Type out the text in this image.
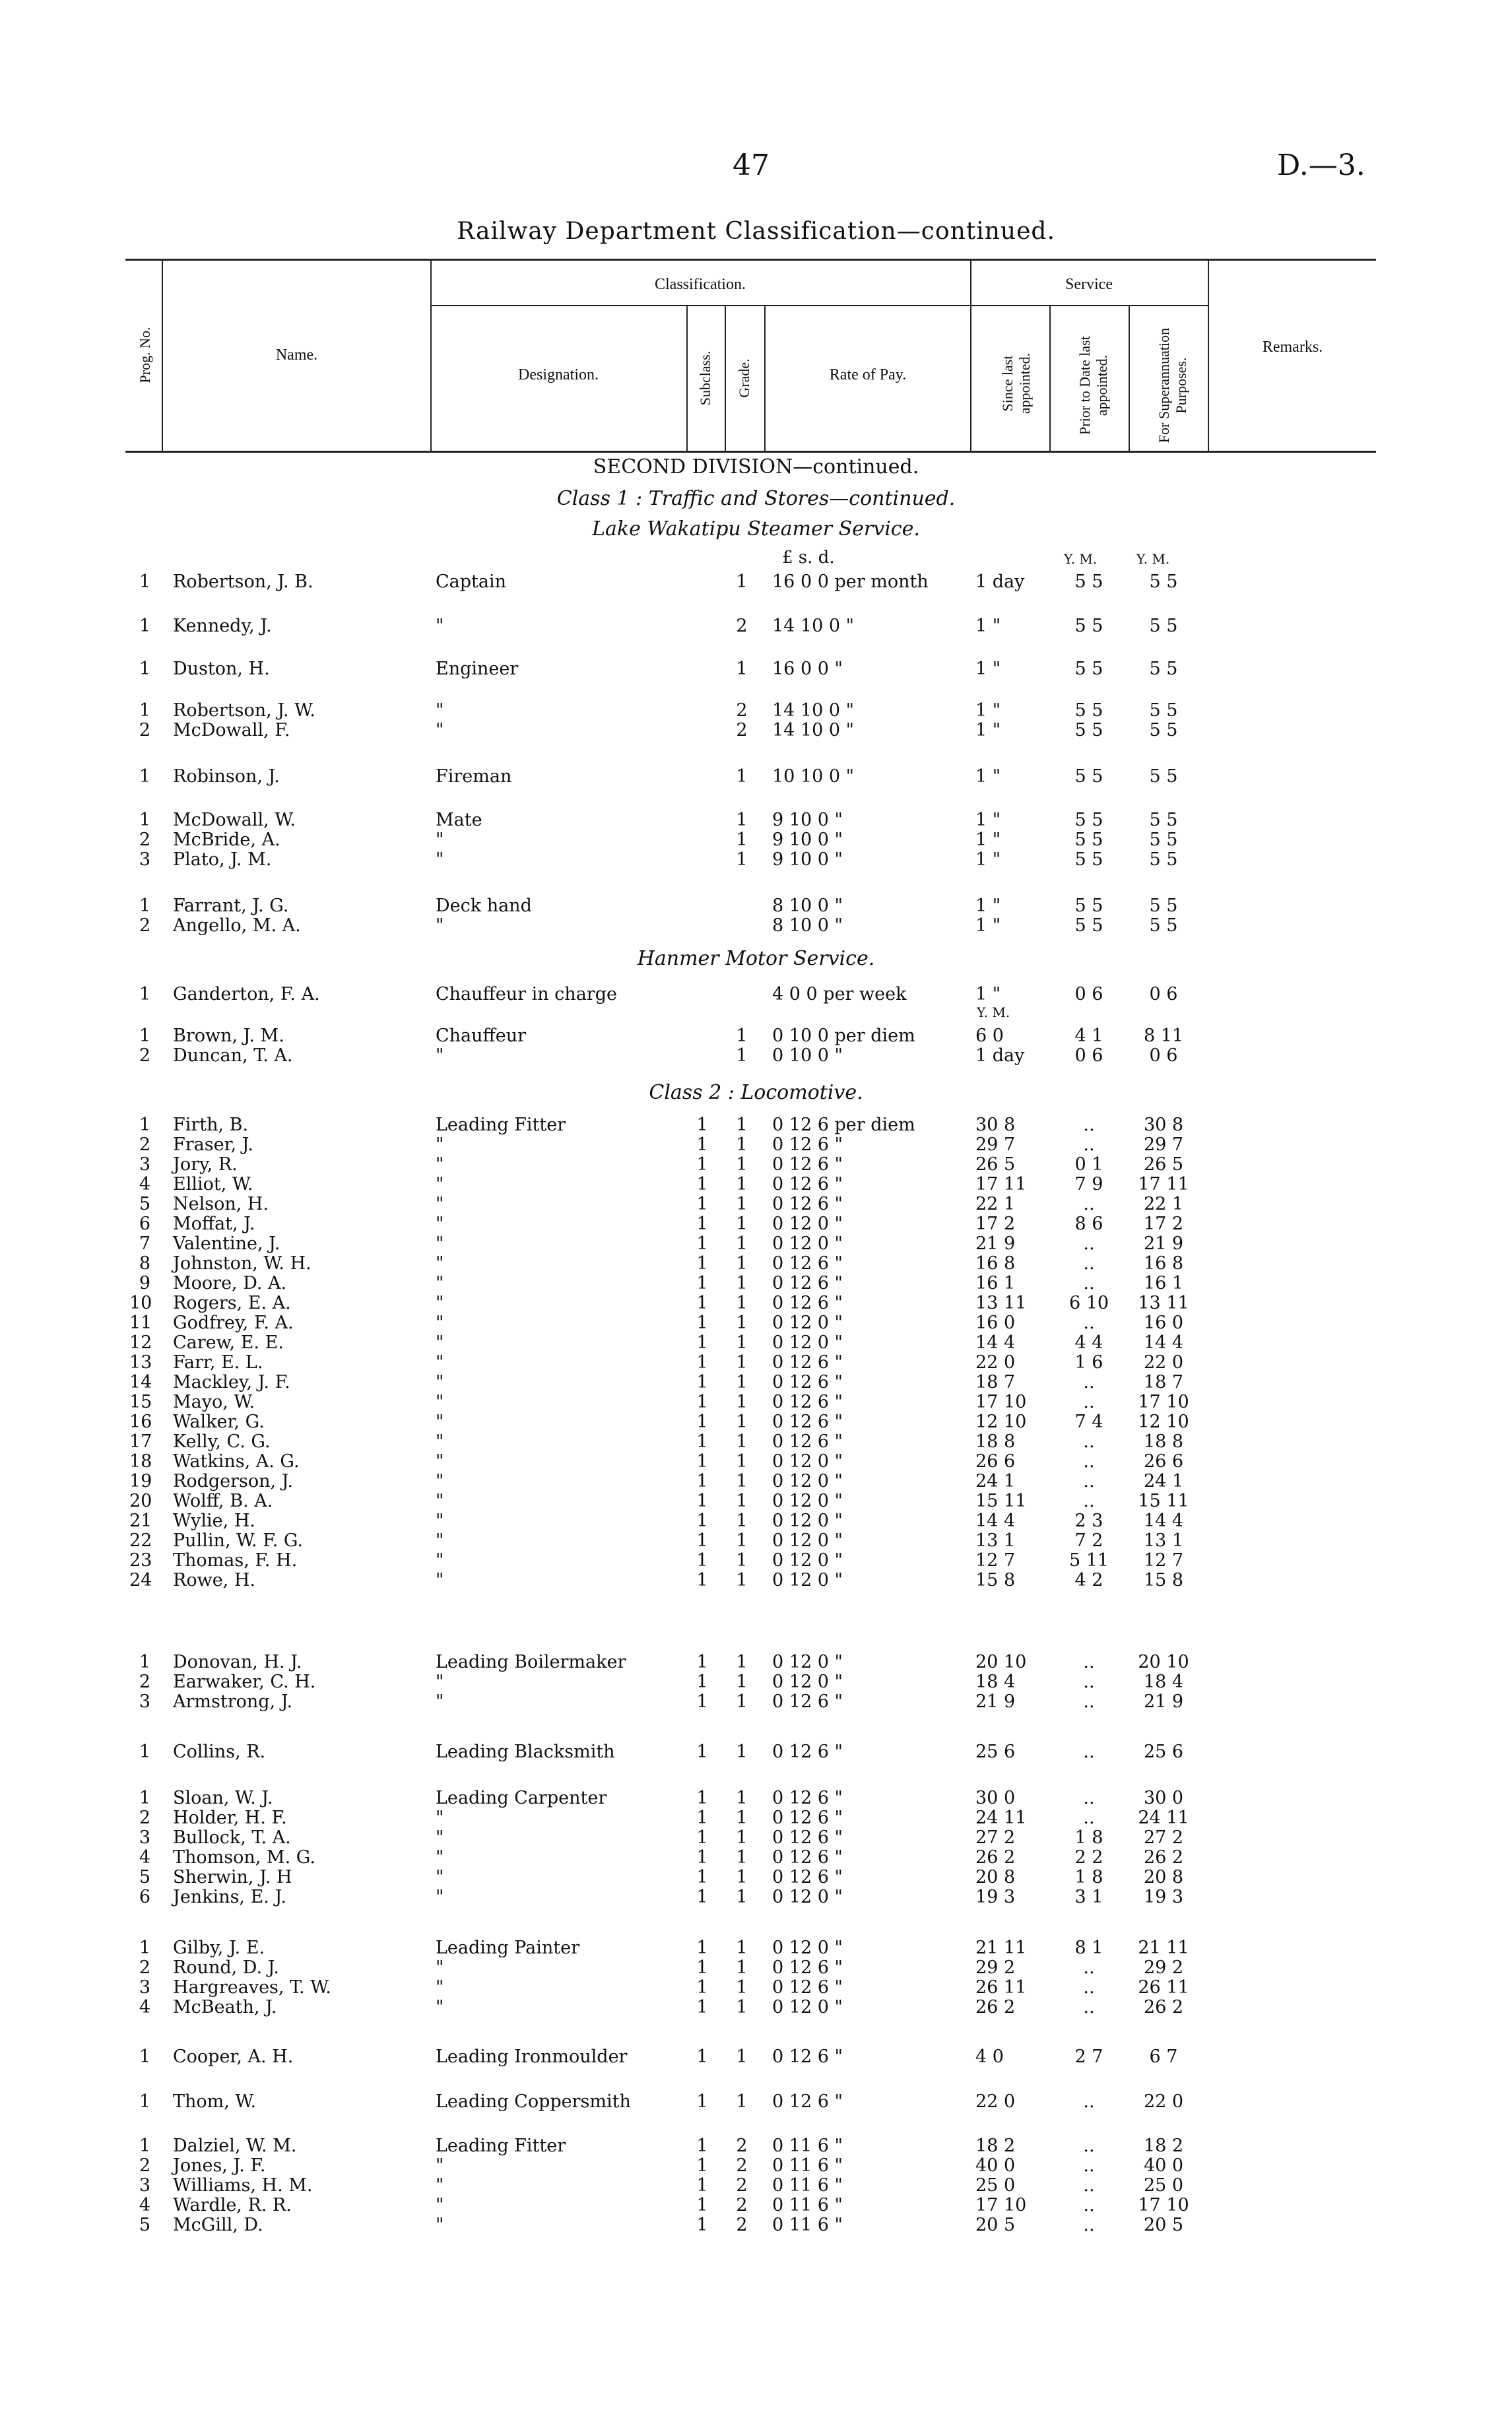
47	D.—3.
Railway Department Classification—continued.
Prog. No.	Name.
Classification.
Designation.	Subclass. Grade.	Rate of Pay.
Service
Since last appointed.	Prior to Date last appointed.	For Superannuation Purposes.
Remarks.
SECOND DIVISION—continued.
Class 1 : Traffic and Stores—continued.
Lake Wakatipu Steamer Service.
Hanmer Motor Service.
Class 2 : Locomotive.
£ s. d.	Y. M.	Y. M.
Y. M.
1 Robertson, J. B.	Captain	1 16 0 0 per month	1 day	5 5	5 5
1 Kennedy, J.	"	2 14 10 0 "	1 "	5 5	5 5
1 Duston, H.	Engineer	1 16 0 0 "	1 "	5 5	5 5
1 Robertson, J. W.	"	2 14 10 0 "	1 "	5 5	5 5
2 McDowall, F.	"	2 14 10 0 "	1 "	5 5	5 5
1 Robinson, J.	Fireman	1 10 10 0 "	1 "	5 5	5 5
1 McDowall, W.	Mate	1 9 10 0 "	1 "	5 5	5 5
2 McBride, A.	"	1 9 10 0 "	1 "	5 5	5 5
3 Plato, J. M.	"	1 9 10 0 "	1 "	5 5	5 5
1 Farrant, J. G.	Deck hand	8 10 0 "	1 "	5 5	5 5
2 Angello, M. A.	"	8 10 0 "	1 "	5 5	5 5
1 Ganderton, F. A.	Chauffeur in charge	4 0 0 per week	1 "	0 6	0 6
1 Brown, J. M.	Chauffeur	1 0 10 0 per diem	6 0	4 1	8 11
2 Duncan, T. A.	"	1 0 10 0 "	1 day	0 6	0 6
1 Firth, B.	Leading Fitter	1 1 0 12 6 per diem	30 8	..	30 8
2 Fraser, J.	"	1 1 0 12 6 "	29 7	..	29 7
3 Jory, R.	"	1 1 0 12 6 "	26 5	0 1	26 5
4 Elliot, W.	"	1 1 0 12 6 "	17 11	7 9	17 11
5 Nelson, H.	"	1 1 0 12 6 "	22 1	..	22 1
6 Moffat, J.	"	1 1 0 12 0 "	17 2	8 6	17 2
7 Valentine, J.	"	1 1 0 12 0 "	21 9	..	21 9
8 Johnston, W. H.	"	1 1 0 12 6 "	16 8	..	16 8
9 Moore, D. A.	"	1 1 0 12 6 "	16 1	..	16 1
10 Rogers, E. A.	"	1 1 0 12 6 "	13 11	6 10	13 11
11 Godfrey, F. A.	"	1 1 0 12 0 "	16 0	..	16 0
12 Carew, E. E.	"	1 1 0 12 0 "	14 4	4 4	14 4
13 Farr, E. L.	"	1 1 0 12 6 "	22 0	1 6	22 0
14 Mackley, J. F.	"	1 1 0 12 6 "	18 7	..	18 7
15 Mayo, W.	"	1 1 0 12 6 "	17 10	..	17 10
16 Walker, G.	"	1 1 0 12 6 "	12 10	7 4	12 10
17 Kelly, C. G.	"	1 1 0 12 6 "	18 8	..	18 8
18 Watkins, A. G.	"	1 1 0 12 0 "	26 6	..	26 6
19 Rodgerson, J.	"	1 1 0 12 0 "	24 1	..	24 1
20 Wolff, B. A.	"	1 1 0 12 0 "	15 11	..	15 11
21 Wylie, H.	"	1 1 0 12 0 "	14 4	2 3	14 4
22 Pullin, W. F. G.	"	1 1 0 12 0 "	13 1	7 2	13 1
23 Thomas, F. H.	"	1 1 0 12 0 "	12 7	5 11	12 7
24 Rowe, H.	"	1 1 0 12 0 "	15 8	4 2	15 8
1 Donovan, H. J.	Leading Boilermaker	1 1 0 12 0 "	20 10	..	20 10
2 Earwaker, C. H.	"	1 1 0 12 0 "	18 4	..	18 4
3 Armstrong, J.	"	1 1 0 12 6 "	21 9	..	21 9
1 Collins, R.	Leading Blacksmith	1 1 0 12 6 "	25 6	..	25 6
1 Sloan, W. J.	Leading Carpenter	1 1 0 12 6 "	30 0	..	30 0
2 Holder, H. F.	"	1 1 0 12 6 "	24 11	..	24 11
3 Bullock, T. A.	"	1 1 0 12 6 "	27 2	1 8	27 2
4 Thomson, M. G.	"	1 1 0 12 6 "	26 2	2 2	26 2
5 Sherwin, J. H	"	1 1 0 12 6 "	20 8	1 8	20 8
6 Jenkins, E. J.	"	1 1 0 12 0 "	19 3	3 1	19 3
1 Gilby, J. E.	Leading Painter	1 1 0 12 0 "	21 11	8 1	21 11
2 Round, D. J.	"	1 1 0 12 6 "	29 2	..	29 2
3 Hargreaves, T. W.	"	1 1 0 12 6 "	26 11	..	26 11
4 McBeath, J.	"	1 1 0 12 0 "	26 2	..	26 2
1 Cooper, A. H.	Leading Ironmoulder	1 1 0 12 6 "	4 0	2 7	6 7
1 Thom, W.	Leading Coppersmith	1 1 0 12 6 "	22 0	..	22 0
1 Dalziel, W. M.	Leading Fitter	1 2 0 11 6 "	18 2	..	18 2
2 Jones, J. F.	"	1 2 0 11 6 "	40 0	..	40 0
3 Williams, H. M.	"	1 2 0 11 6 "	25 0	..	25 0
4 Wardle, R. R.	"	1 2 0 11 6 "	17 10	..	17 10
5 McGill, D.	"	1 2 0 11 6 "	20 5	..	20 5
